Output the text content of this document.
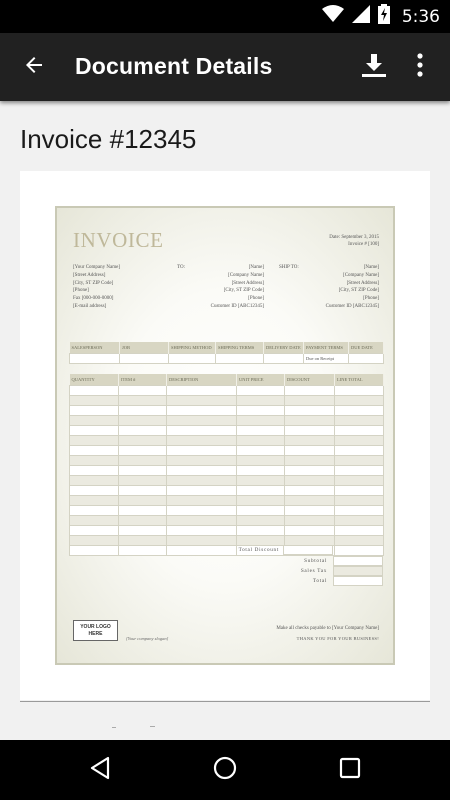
5:36
Document Details
Invoice #12345
INVOICE	Date: September 3, 2015
Invoice # [100]
[Your Company Name]
[Street Address]
[City, ST ZIP Code]
[Phone]
Fax [000-000-0000]
[E-mail address]
TO:	[Name]
[Company Name]
[Street Address]
[City, ST ZIP Code]
[Phone]
Customer ID [ABC12345]
SHIP TO:	[Name]
[Company Name]
[Street Address]
[City, ST ZIP Code]
[Phone]
Customer ID [ABC12345]
SALESPERSON	JOB	SHIPPING METHOD	SHIPPING TERMS	DELIVERY DATE	PAYMENT TERMS	DUE DATE
					Due on Receipt	
QUANTITY	ITEM #	DESCRIPTION	UNIT PRICE	DISCOUNT	LINE TOTAL

Total Discount
Subtotal
Sales Tax
Total
YOUR LOGO HERE
[Your company slogan]
Make all checks payable to [Your Company Name]
THANK YOU FOR YOUR BUSINESS!
